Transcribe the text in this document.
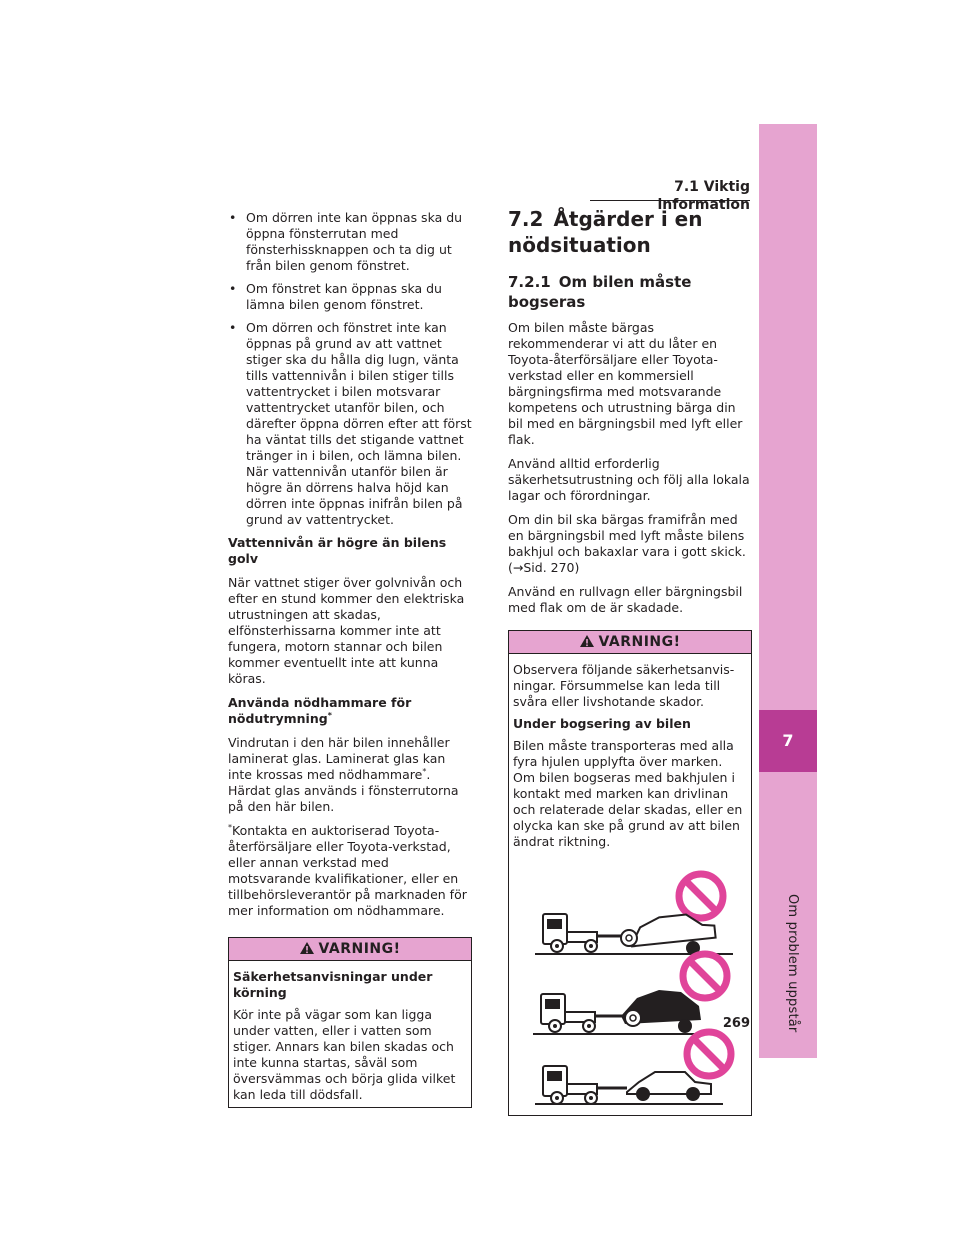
7.1 Viktig information
7
Om problem uppstår
• Om dörren inte kan öppnas ska du öppna fönsterrutan med fönsterhissknappen och ta dig ut från bilen genom fönstret.
• Om fönstret kan öppnas ska du lämna bilen genom fönstret.
• Om dörren och fönstret inte kan öppnas på grund av att vattnet stiger ska du hålla dig lugn, vänta tills vattennivån i bilen stiger tills vattentrycket i bilen motsvarar vattentrycket utanför bilen, och därefter öppna dörren efter att först ha väntat tills det stigande vattnet tränger in i bilen, och lämna bilen. När vattennivån utanför bilen är högre än dörrens halva höjd kan dörren inte öppnas inifrån bilen på grund av vattentrycket.

Vattennivån är högre än bilens golv

När vattnet stiger över golvnivån och efter en stund kommer den elektriska utrustningen att skadas, elfönsterhissarna kommer inte att fungera, motorn stannar och bilen kommer eventuellt inte att kunna köras.

Använda nödhammare för nödutrymning*

Vindrutan i den här bilen innehåller laminerat glas. Laminerat glas kan inte krossas med nödhammare*. Härdat glas används i fönsterrutorna på den här bilen.

*Kontakta en auktoriserad Toyota-återförsäljare eller Toyota-verkstad, eller annan verkstad med motsvarande kvalifikationer, eller en tillbehörsleverantör på marknaden för mer information om nödhammare.

VARNING!

Säkerhetsanvisningar under körning

Kör inte på vägar som kan ligga under vatten, eller i vatten som stiger. Annars kan bilen skadas och inte kunna startas, såväl som översvämmas och börja glida vilket kan leda till dödsfall.

7.2 Åtgärder i en nödsituation
7.2.1 Om bilen måste bogseras

Om bilen måste bärgas rekommenderar vi att du låter en Toyota-återförsäljare eller Toyota-verkstad eller en kommersiell bärgningsfirma med motsvarande kompetens och utrustning bärga din bil med en bärgningsbil med lyft eller flak.

Använd alltid erforderlig säkerhetsutrustning och följ alla lokala lagar och förordningar.

Om din bil ska bärgas framifrån med en bärgningsbil med lyft måste bilens bakhjul och bakaxlar vara i gott skick. (→Sid. 270)

Använd en rullvagn eller bärgningsbil med flak om de är skadade.

VARNING!

Observera följande säkerhetsanvis-ningar. Försummelse kan leda till svåra eller livshotande skador.

Under bogsering av bilen

Bilen måste transporteras med alla fyra hjulen upplyfta över marken. Om bilen bogseras med bakhjulen i kontakt med marken kan drivlinan och relaterade delar skadas, eller en olycka kan ske på grund av att bilen ändrat riktning.

269
